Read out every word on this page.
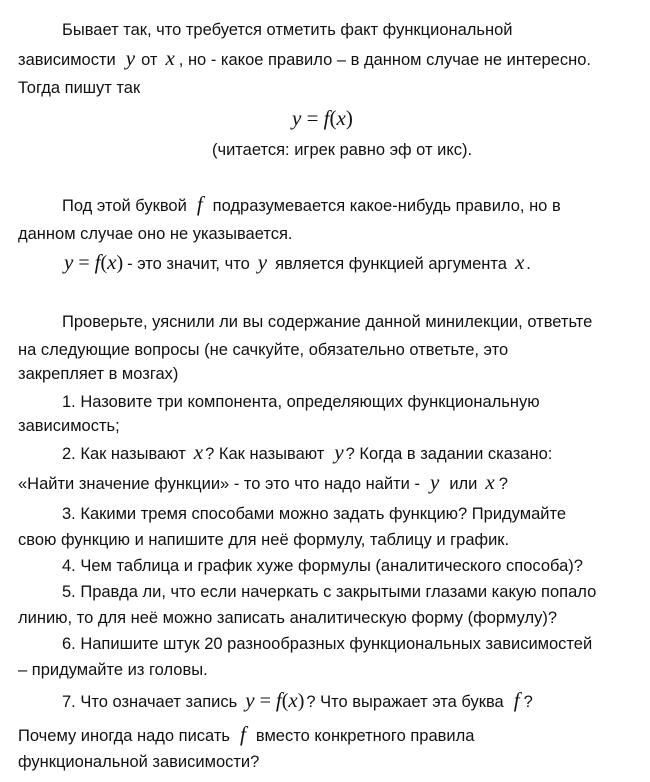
Бывает так, что требуется отметить факт функциональной
зависимости y от x , но - какое правило – в данном случае не интересно.
Тогда пишут так
y = f(x)
(читается: игрек равно эф от икс).
Под этой буквой f подразумевается какое-нибудь правило, но в
данном случае оно не указывается.
y = f(x) - это значит, что y является функцией аргумента x .
Проверьте, уяснили ли вы содержание данной минилекции, ответьте
на следующие вопросы (не сачкуйте, обязательно ответьте, это
закрепляет в мозгах)
1. Назовите три компонента, определяющих функциональную
зависимость;
2. Как называют x ? Как называют y ? Когда в задании сказано:
«Найти значение функции» - то это что надо найти - y или x ?
3. Какими тремя способами можно задать функцию? Придумайте
свою функцию и напишите для неё формулу, таблицу и график.
4. Чем таблица и график хуже формулы (аналитического способа)?
5. Правда ли, что если начеркать с закрытыми глазами какую попало
линию, то для неё можно записать аналитическую форму (формулу)?
6. Напишите штук 20 разнообразных функциональных зависимостей
– придумайте из головы.
7. Что означает запись y = f(x) ? Что выражает эта буква f ?
Почему иногда надо писать f вместо конкретного правила
функциональной зависимости?
